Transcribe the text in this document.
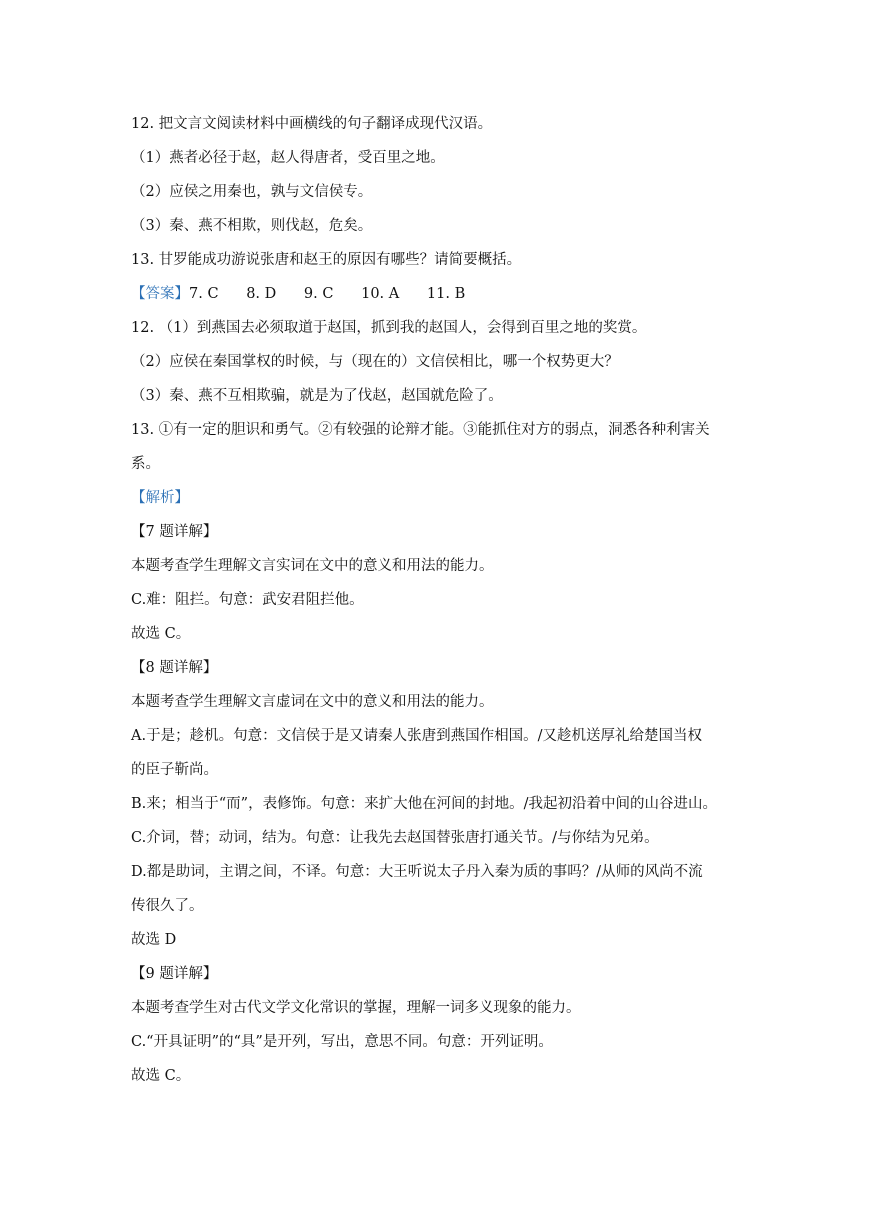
12. 把文言文阅读材料中画横线的句子翻译成现代汉语。
（1）燕者必径于赵，赵人得唐者，受百里之地。
（2）应侯之用秦也，孰与文信侯专。
（3）秦、燕不相欺，则伐赵，危矣。
13. 甘罗能成功游说张唐和赵王的原因有哪些？请简要概括。
【答案】7. C      8. D      9. C      10. A      11. B
12. （1）到燕国去必须取道于赵国，抓到我的赵国人，会得到百里之地的奖赏。
（2）应侯在秦国掌权的时候，与（现在的）文信侯相比，哪一个权势更大？
（3）秦、燕不互相欺骗，就是为了伐赵，赵国就危险了。
13. ①有一定的胆识和勇气。②有较强的论辩才能。③能抓住对方的弱点，洞悉各种利害关
系。
【解析】
【7 题详解】
本题考查学生理解文言实词在文中的意义和用法的能力。
C.难：阻拦。句意：武安君阻拦他。
故选 C。
【8 题详解】
本题考查学生理解文言虚词在文中的意义和用法的能力。
A.于是；趁机。句意：文信侯于是又请秦人张唐到燕国作相国。/又趁机送厚礼给楚国当权
的臣子靳尚。
B.来；相当于“而”，表修饰。句意：来扩大他在河间的封地。/我起初沿着中间的山谷进山。
C.介词，替；动词，结为。句意：让我先去赵国替张唐打通关节。/与你结为兄弟。
D.都是助词，主谓之间，不译。句意：大王听说太子丹入秦为质的事吗？/从师的风尚不流
传很久了。
故选 D
【9 题详解】
本题考查学生对古代文学文化常识的掌握，理解一词多义现象的能力。
C.“开具证明”的“具”是开列，写出，意思不同。句意：开列证明。
故选 C。
